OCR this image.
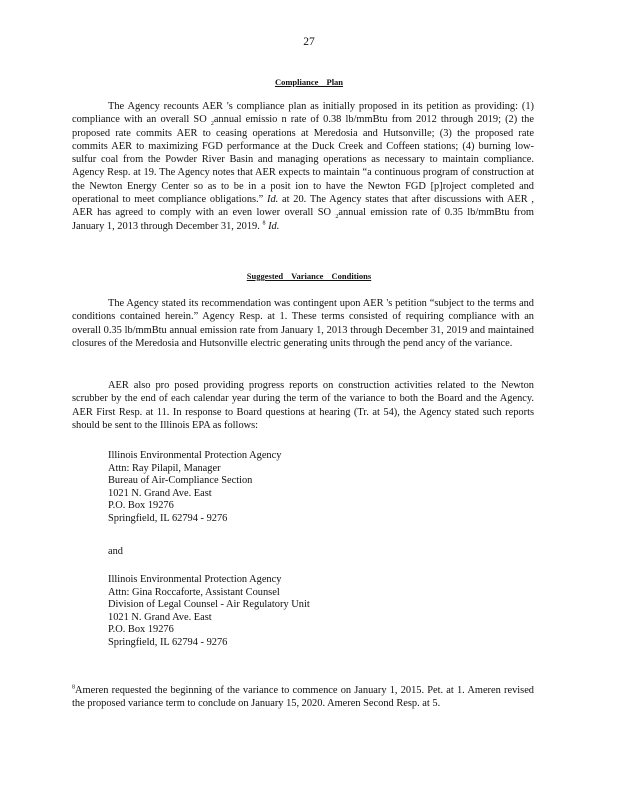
27
Compliance Plan
The Agency recounts AER 's compliance plan as initially proposed in its petition as providing: (1) compliance with an overall SO $_2$annual emissio n rate of 0.38 lb/mmBtu from 2012 through 2019; (2) the proposed rate commits AER to ceasing operations at Meredosia and Hutsonville; (3) the proposed rate commits AER to maximizing FGD performance at the Duck Creek and Coffeen stations; (4) burning low-sulfur coal from the Powder River Basin and managing operations as necessary to maintain compliance. Agency Resp. at 19. The Agency notes that AER expects to maintain “a continuous program of construction at the Newton Energy Center so as to be in a posit ion to have the Newton FGD [p]roject completed and operational to meet compliance obligations.” Id. at 20. The Agency states that after discussions with AER , AER has agreed to comply with an even lower overall SO $_2$annual emission rate of 0.35 lb/mmBtu from January 1, 2013 through December 31, 2019. $^8$ Id.
Suggested Variance Conditions
The Agency stated its recommendation was contingent upon AER 's petition “subject to the terms and conditions contained herein.” Agency Resp. at 1. These terms consisted of requiring compliance with an overall 0.35 lb/mmBtu annual emission rate from January 1, 2013 through December 31, 2019 and maintained closures of the Meredosia and Hutsonville electric generating units through the pend ancy of the variance.
AER also pro posed providing progress reports on construction activities related to the Newton scrubber by the end of each calendar year during the term of the variance to both the Board and the Agency. AER First Resp. at 11. In response to Board questions at hearing (Tr. at 54), the Agency stated such reports should be sent to the Illinois EPA as follows:
Illinois Environmental Protection Agency
Attn: Ray Pilapil, Manager
Bureau of Air-Compliance Section
1021 N. Grand Ave. East
P.O. Box 19276
Springfield, IL 62794 - 9276
and
Illinois Environmental Protection Agency
Attn: Gina Roccaforte, Assistant Counsel
Division of Legal Counsel - Air Regulatory Unit
1021 N. Grand Ave. East
P.O. Box 19276
Springfield, IL 62794 - 9276
$^8$Ameren requested the beginning of the variance to commence on January 1, 2015. Pet. at 1. Ameren revised the proposed variance term to conclude on January 15, 2020. Ameren Second Resp. at 5.
